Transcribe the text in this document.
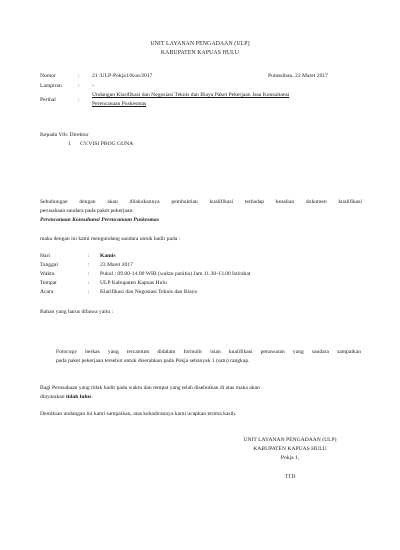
UNIT LAYANAN PENGADAAN (ULP)
KABUPATEN KAPUAS HULU
Nomor	: 21 /ULP-Pokja1/Kon/2017	Putussibau, 22 Maret 2017
Lampiran	: -
Perihal	:
Undangan Klarifikasi dan Negosiasi Teknis dan Biaya Paket Pekerjaan Jasa Konsultansi
Perencanaan Puskesmas
Kepada Yth: Direktur
1 CV.VISI PROG GUNA
Sehubungan dengan akan dilakukannya pembuktian kualifikasi terhadap keaslian dokumen kualifikasi
perusahaan saudara pada paket pekerjaan:
Perencanaan Konsultansi Perencanaan Puskesmas
maka dengan ini kami mengundang saudara untuk hadir pada :
Hari	: Kamis
Tanggal	: 23 Maret 2017
Waktu	: Pukul : 09.00-14.00 WIB (waktu panitia) Jam 11.30-13.00 Istirahat
Tempat	: ULP Kabupaten Kapuas Hulu
Acara	: Klarifikasi dan Negosiasi Teknis dan Biaya
Bahan yang harus dibawa yaitu :
Fotocopy berkas yang tercantum didalam formulir isian kualifikasi penawaran yang saudara sampaikan
pada paket pekerjaan tersebut untuk diserahkan pada Pokja sebanyak 1 (satu) rangkap.
Bagi Perusahaan yang tidak hadir pada waktu dan tempat yang telah disebutkan di atas maka akan
dinyatakan tidak lulus.
Demikian undangan ini kami sampaikan, atas kehadirannya kami ucapkan terima kasih.
UNIT LAYANAN PENGADAAN (ULP)
KABUPATEN KAPUAS HULU
Pokja 1,
TTD
